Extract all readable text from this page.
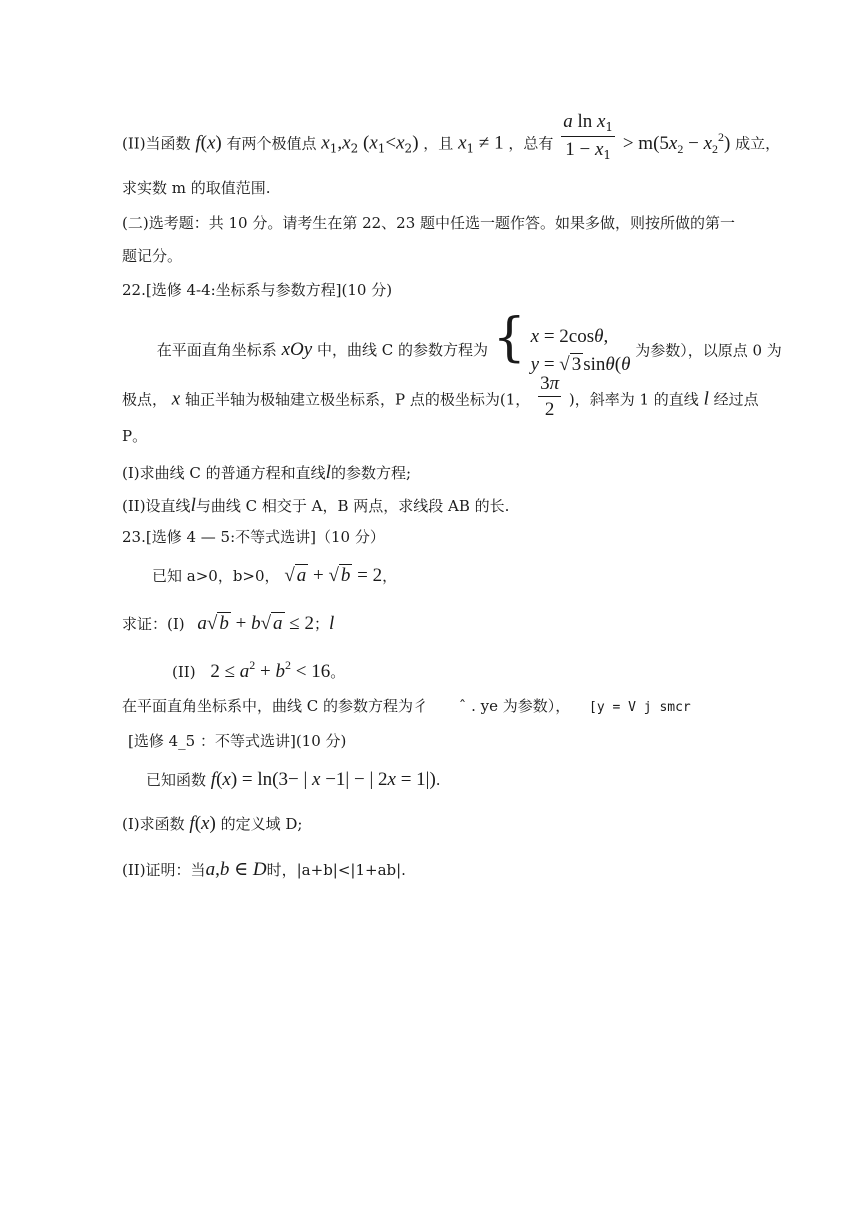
(II)当函数 f(x) 有两个极值点 $x_1,x_2$ $(x_1<x_2)$ ，且 $x_1 \ne 1$ ，总有 $\frac{a \ln x_1}{1 - x_1} > m(5x_2 - x_2^2)$ 成立，
求实数 m 的取值范围.
(二)选考题：共 10 分。请考生在第 22、23 题中任选一题作答。如果多做，则按所做的第一
题记分。
22.[选修 4-4:坐标系与参数方程](10 分)
在平面直角坐标系 xOy 中，曲线 C 的参数方程为 { x = 2cosθ,
y = √ 3 sinθ(θ
为参数），以原点 0 为
极点， x 轴正半轴为极轴建立极坐标系，P 点的极坐标为(1， $\frac{3\pi}{2}$ )，斜率为 1 的直线 l 经过点
P。
(I)求曲线 C 的普通方程和直线l的参数方程;
(II)设直线l与曲线 C 相交于 A，B 两点，求线段 AB 的长.
23.[选修 4 — 5:不等式选讲]（10 分）
已知 a>0，b>0， √ a + √ b = 2，
求证：(I) a√ b + b√ a ≤ 2；l
(II) $2 \le a^2 + b^2 < 16$。
在平面直角坐标系中，曲线 C 的参数方程为彳 ˆ . ye 为参数）， [y = V j smcr
[选修 4_5 ：不等式选讲](10 分)
已知函数 f(x) = ln(3− | x −1| − | 2x = 1|).
(I)求函数 f(x) 的定义域 D;
(II)证明：当a,b ∈ D时，|a+b|<|1+ab|.
